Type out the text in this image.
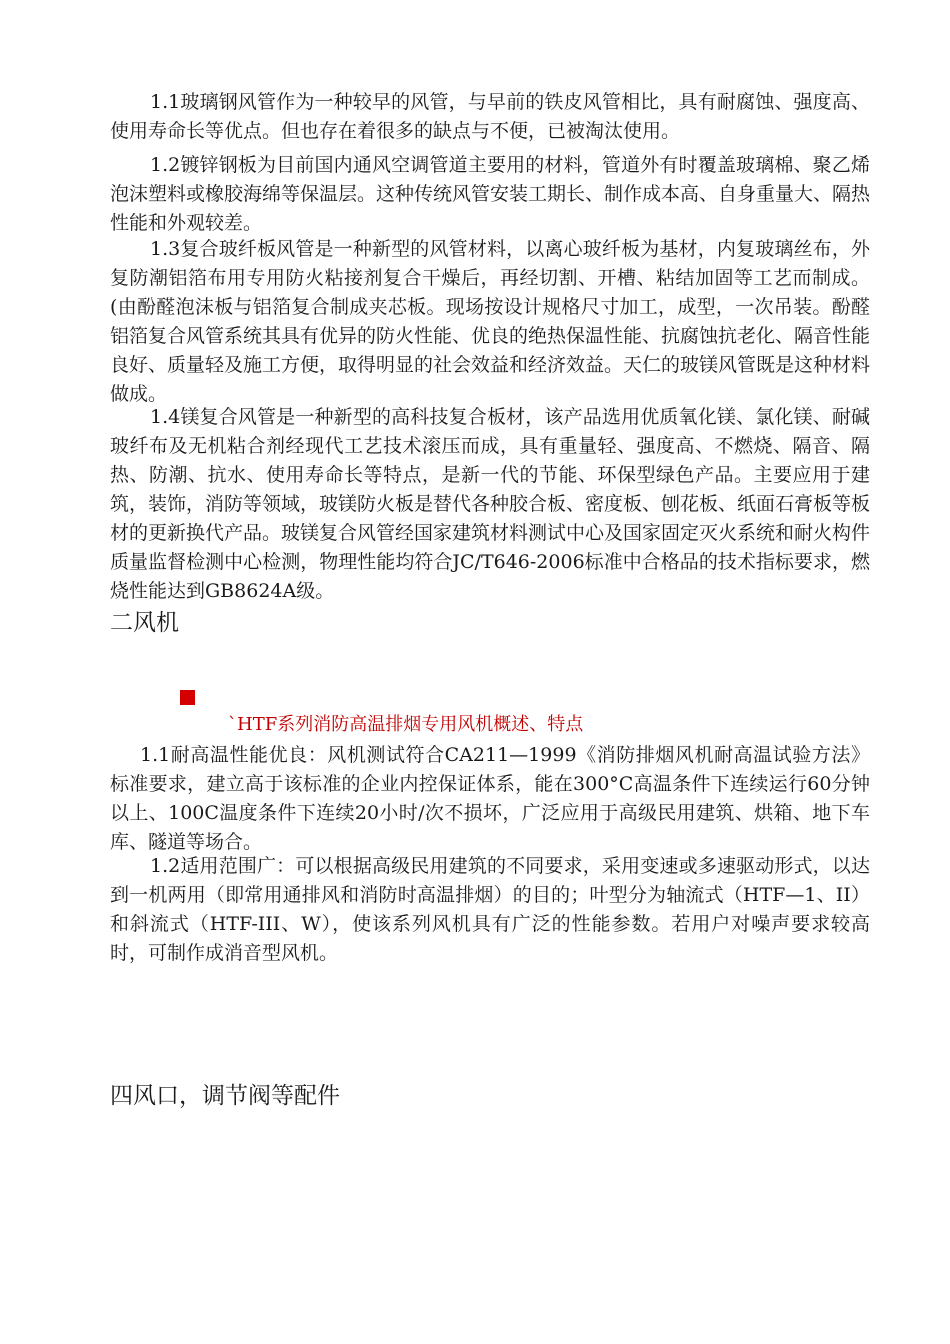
1.1玻璃钢风管作为一种较早的风管，与早前的铁皮风管相比，具有耐腐蚀、强度高、使用寿命长等优点。但也存在着很多的缺点与不便，已被淘汰使用。

1.2镀锌钢板为目前国内通风空调管道主要用的材料，管道外有时覆盖玻璃棉、聚乙烯泡沫塑料或橡胶海绵等保温层。这种传统风管安装工期长、制作成本高、自身重量大、隔热性能和外观较差。

1.3复合玻纤板风管是一种新型的风管材料，以离心玻纤板为基材，内复玻璃丝布，外复防潮铝箔布用专用防火粘接剂复合干燥后，再经切割、开槽、粘结加固等工艺而制成。(由酚醛泡沫板与铝箔复合制成夹芯板。现场按设计规格尺寸加工，成型，一次吊装。酚醛铝箔复合风管系统其具有优异的防火性能、优良的绝热保温性能、抗腐蚀抗老化、隔音性能良好、质量轻及施工方便，取得明显的社会效益和经济效益。天仁的玻镁风管既是这种材料做成。

1.4镁复合风管是一种新型的高科技复合板材，该产品选用优质氧化镁、氯化镁、耐碱玻纤布及无机粘合剂经现代工艺技术滚压而成，具有重量轻、强度高、不燃烧、隔音、隔热、防潮、抗水、使用寿命长等特点，是新一代的节能、环保型绿色产品。主要应用于建筑，装饰，消防等领域，玻镁防火板是替代各种胶合板、密度板、刨花板、纸面石膏板等板材的更新换代产品。玻镁复合风管经国家建筑材料测试中心及国家固定灭火系统和耐火构件质量监督检测中心检测，物理性能均符合JC/T646-2006标准中合格品的技术指标要求，燃烧性能达到GB8624A级。

二风机

`HTF系列消防高温排烟专用风机概述、特点

1.1耐高温性能优良：风机测试符合CA211—1999《消防排烟风机耐高温试验方法》标准要求，建立高于该标准的企业内控保证体系，能在300°C高温条件下连续运行60分钟以上、100C温度条件下连续20小时/次不损坏，广泛应用于高级民用建筑、烘箱、地下车库、隧道等场合。

1.2适用范围广：可以根据高级民用建筑的不同要求，采用变速或多速驱动形式，以达到一机两用（即常用通排风和消防时高温排烟）的目的；叶型分为轴流式（HTF—1、II）和斜流式（HTF-III、W），使该系列风机具有广泛的性能参数。若用户对噪声要求较高时，可制作成消音型风机。

四风口，调节阀等配件
